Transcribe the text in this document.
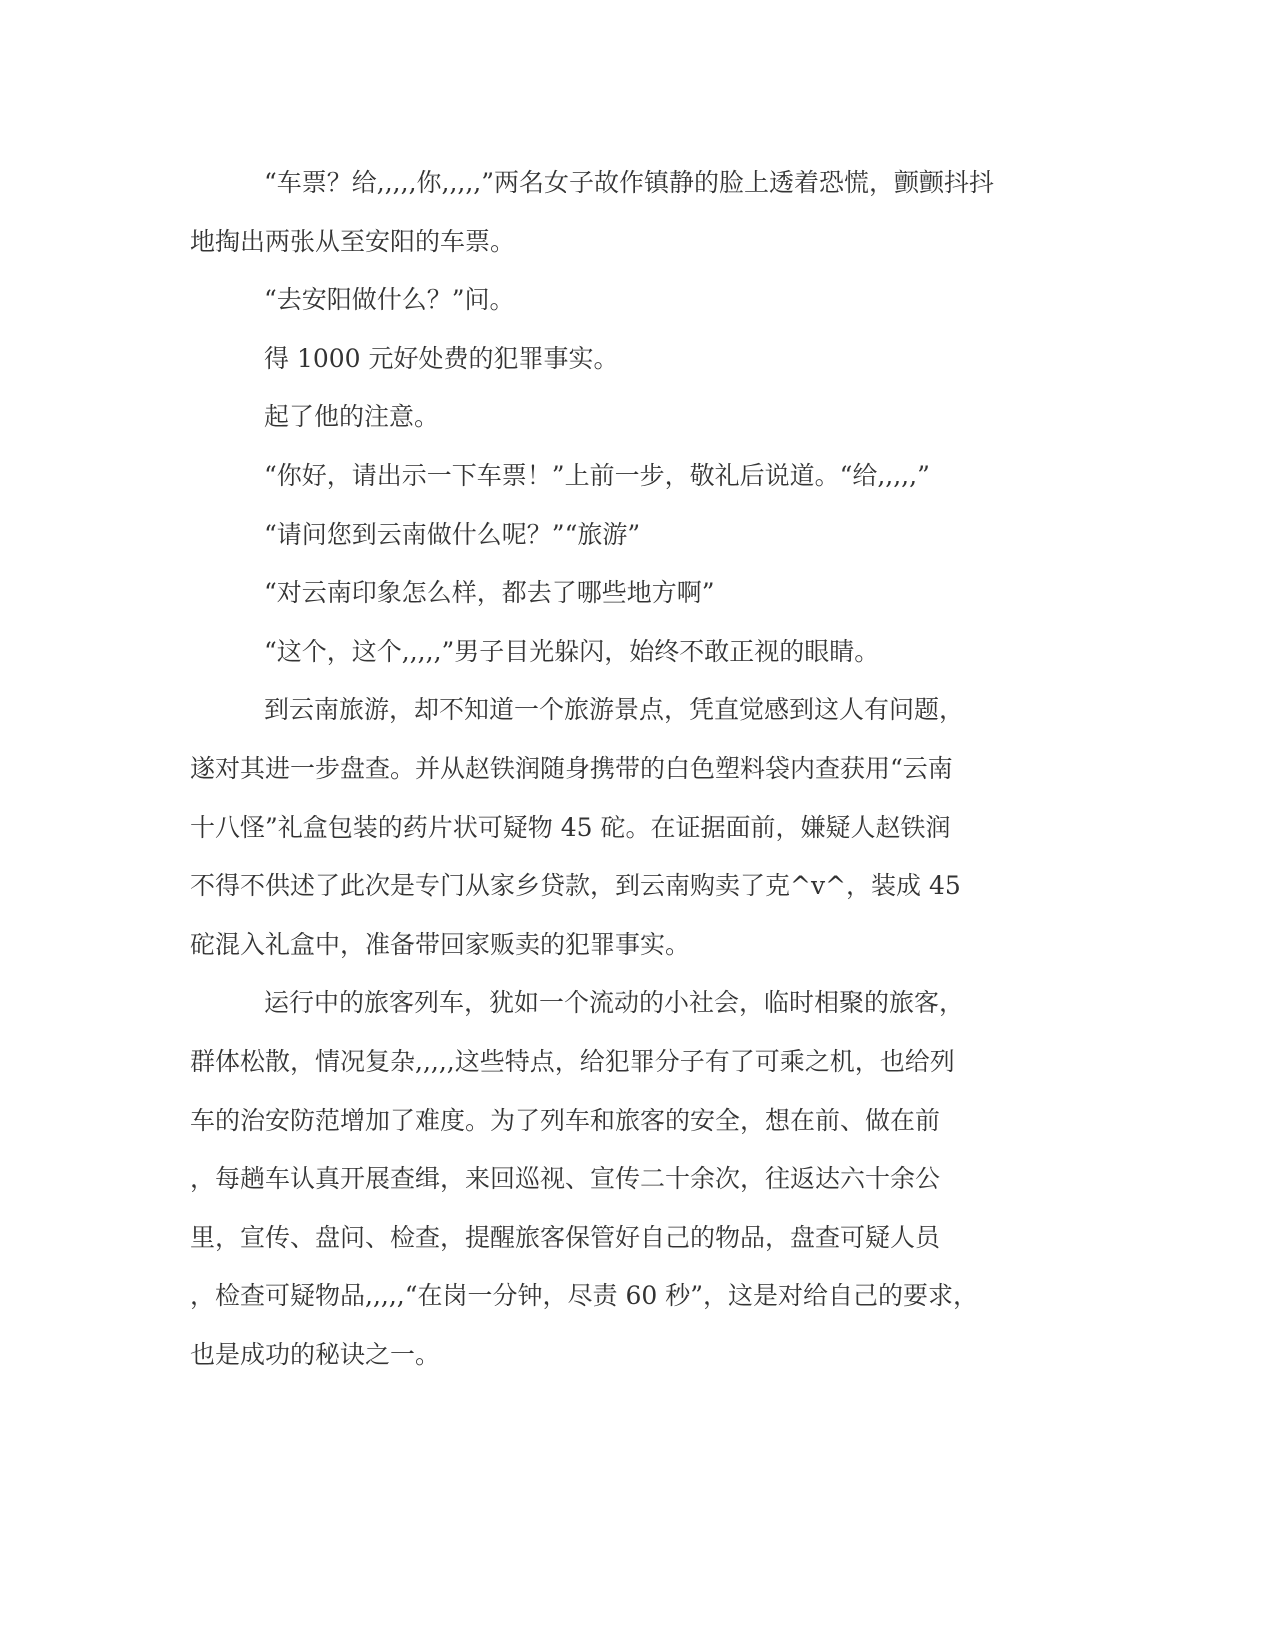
“车票？给,,,,,你,,,,,”两名女子故作镇静的脸上透着恐慌，颤颤抖抖

地掏出两张从至安阳的车票。

“去安阳做什么？”问。

得 1000 元好处费的犯罪事实。

起了他的注意。

“你好，请出示一下车票！”上前一步，敬礼后说道。“给,,,,,”

“请问您到云南做什么呢？”“旅游”

“对云南印象怎么样，都去了哪些地方啊”

“这个，这个,,,,,”男子目光躲闪，始终不敢正视的眼睛。

到云南旅游，却不知道一个旅游景点，凭直觉感到这人有问题，

遂对其进一步盘查。并从赵铁润随身携带的白色塑料袋内查获用“云南

十八怪”礼盒包装的药片状可疑物 45 砣。在证据面前，嫌疑人赵铁润

不得不供述了此次是专门从家乡贷款，到云南购卖了克^v^，装成 45

砣混入礼盒中，准备带回家贩卖的犯罪事实。

运行中的旅客列车，犹如一个流动的小社会，临时相聚的旅客，

群体松散，情况复杂,,,,,这些特点，给犯罪分子有了可乘之机，也给列

车的治安防范增加了难度。为了列车和旅客的安全，想在前、做在前

，每趟车认真开展查缉，来回巡视、宣传二十余次，往返达六十余公

里，宣传、盘问、检查，提醒旅客保管好自己的物品，盘查可疑人员

，检查可疑物品,,,,,“在岗一分钟，尽责 60 秒”，这是对给自己的要求，

也是成功的秘诀之一。
